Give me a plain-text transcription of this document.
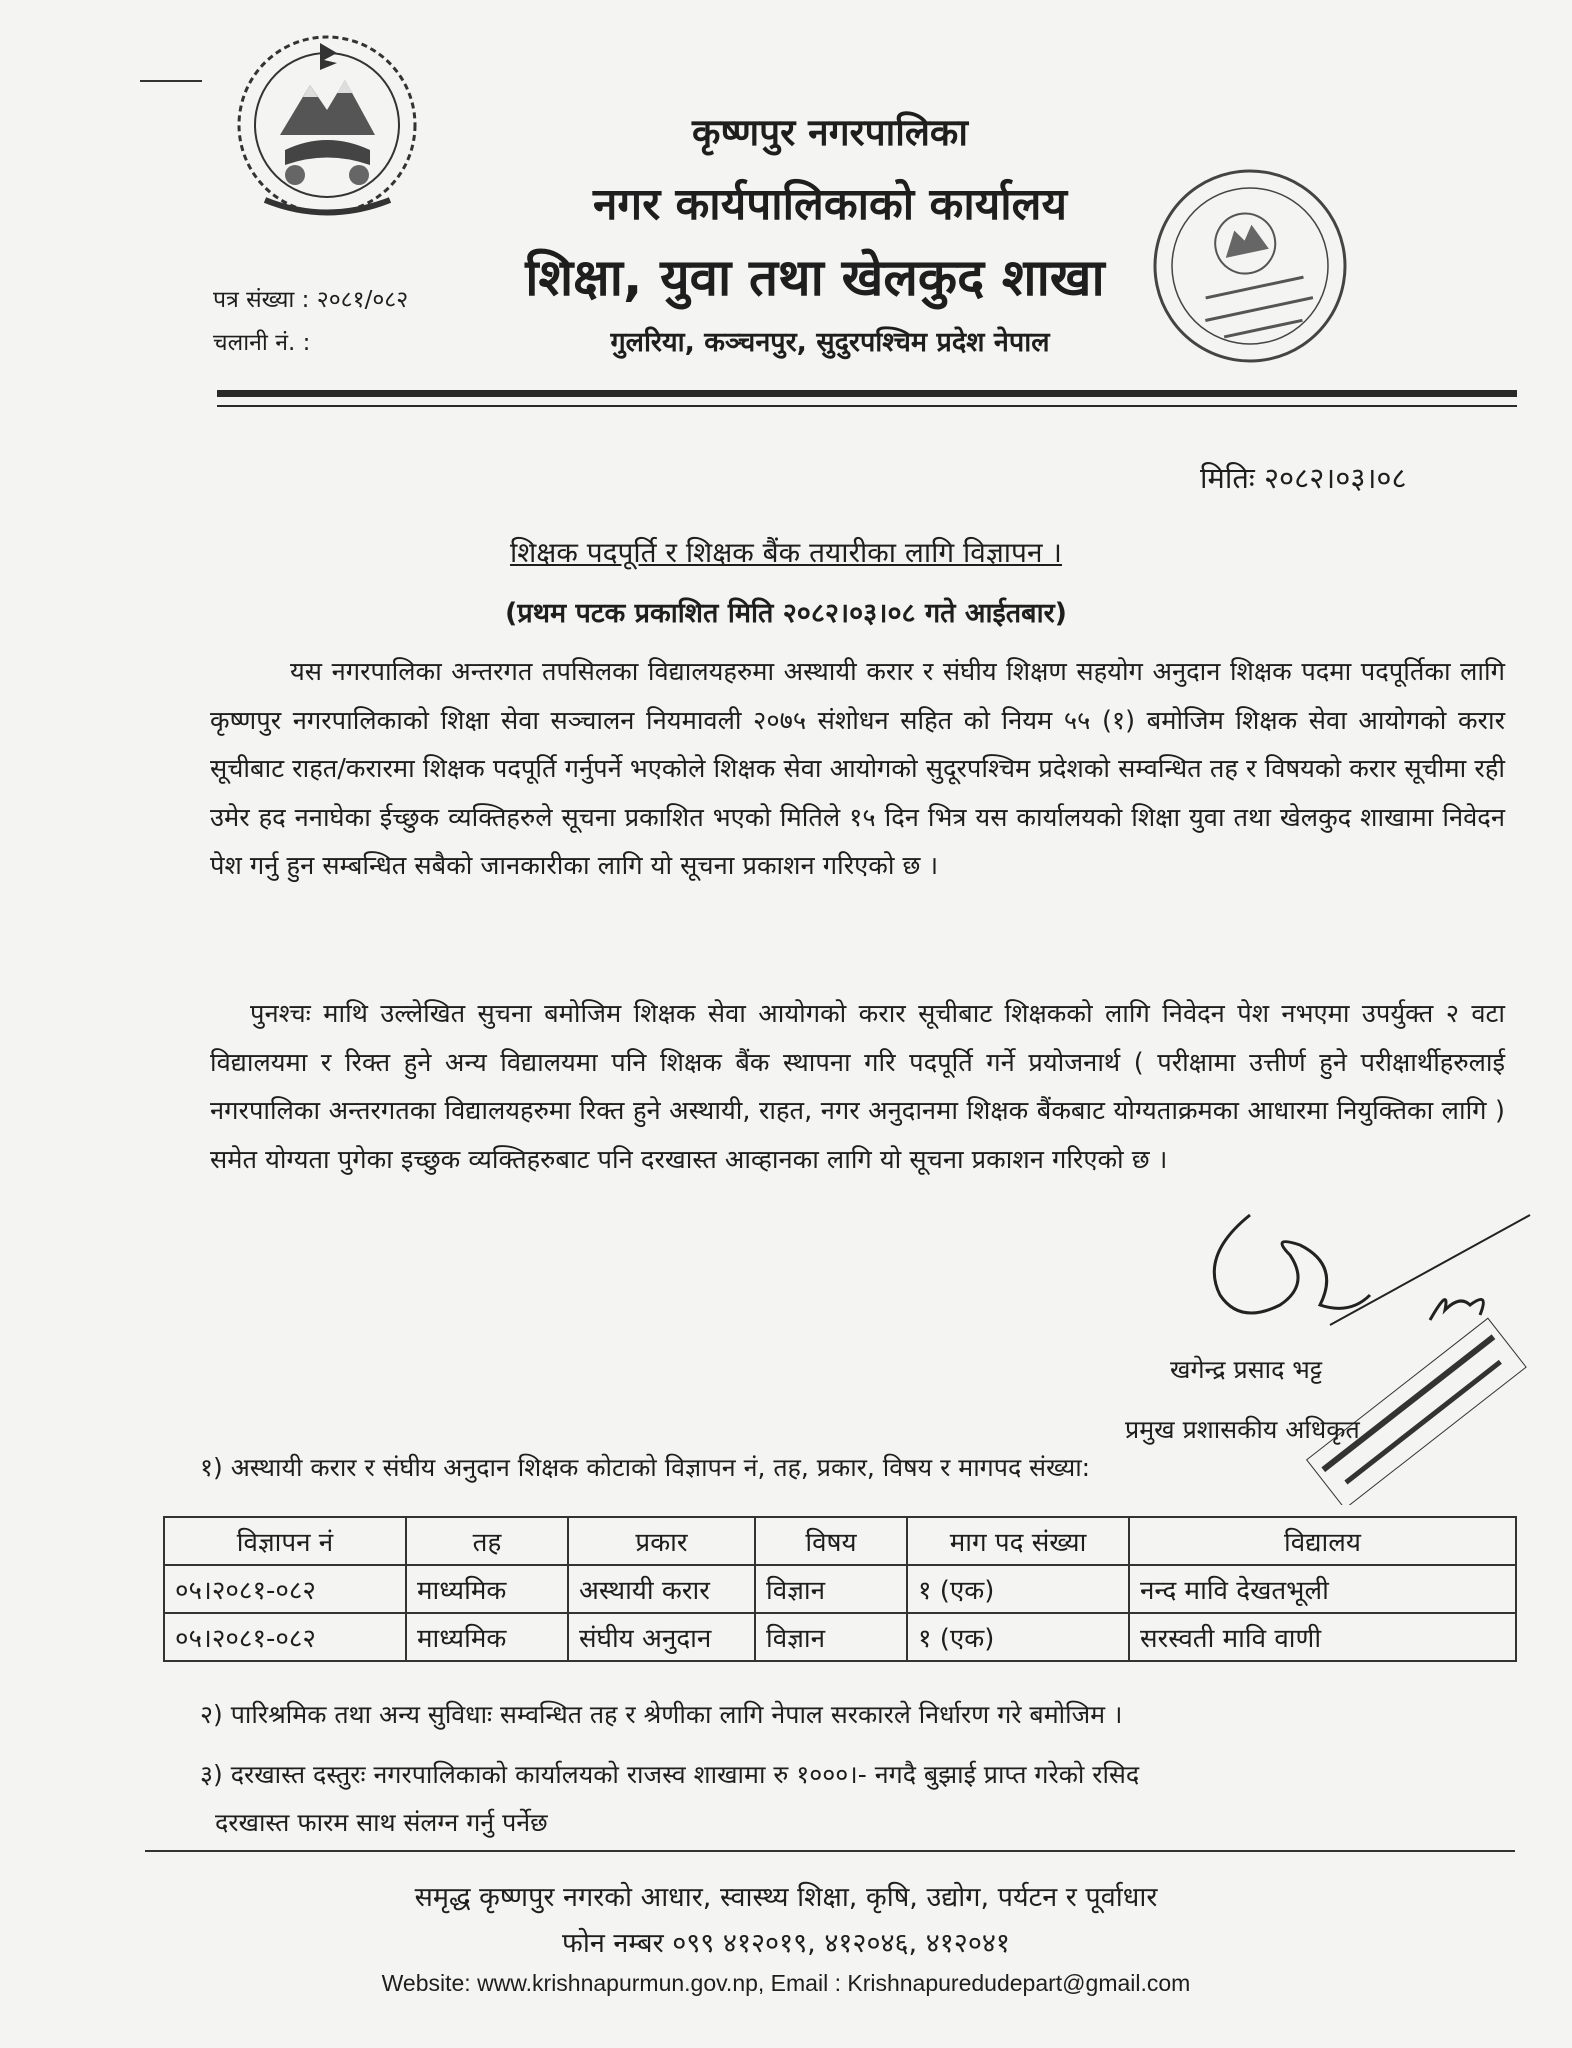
कृष्णपुर नगरपालिका
नगर कार्यपालिकाको कार्यालय
शिक्षा, युवा तथा खेलकुद शाखा
गुलरिया, कञ्चनपुर, सुदुरपश्चिम प्रदेश नेपाल
पत्र संख्या : २०८१/०८२
चलानी नं. :
मितिः २०८२।०३।०८
शिक्षक पदपूर्ति र शिक्षक बैंक तयारीका लागि विज्ञापन ।
(प्रथम पटक प्रकाशित मिति २०८२।०३।०८ गते आईतबार)
यस नगरपालिका अन्तरगत तपसिलका विद्यालयहरुमा अस्थायी करार र संघीय शिक्षण सहयोग अनुदान शिक्षक पदमा पदपूर्तिका लागि कृष्णपुर नगरपालिकाको शिक्षा सेवा सञ्चालन नियमावली २०७५ संशोधन सहित को नियम ५५ (१) बमोजिम शिक्षक सेवा आयोगको करार सूचीबाट राहत/करारमा शिक्षक पदपूर्ति गर्नुपर्ने भएकोले शिक्षक सेवा आयोगको सुदूरपश्चिम प्रदेशको सम्वन्धित तह र विषयको करार सूचीमा रही उमेर हद ननाघेका ईच्छुक व्यक्तिहरुले सूचना प्रकाशित भएको मितिले १५ दिन भित्र यस कार्यालयको शिक्षा युवा तथा खेलकुद शाखामा निवेदन पेश गर्नु हुन सम्बन्धित सबैको जानकारीका लागि यो सूचना प्रकाशन गरिएको छ ।
पुनश्चः माथि उल्लेखित सुचना बमोजिम शिक्षक सेवा आयोगको करार सूचीबाट शिक्षकको लागि निवेदन पेश नभएमा उपर्युक्त २ वटा विद्यालयमा र रिक्त हुने अन्य विद्यालयमा पनि शिक्षक बैंक स्थापना गरि पदपूर्ति गर्ने प्रयोजनार्थ ( परीक्षामा उत्तीर्ण हुने परीक्षार्थीहरुलाई नगरपालिका अन्तरगतका विद्यालयहरुमा रिक्त हुने अस्थायी, राहत, नगर अनुदानमा शिक्षक बैंकबाट योग्यताक्रमका आधारमा नियुक्तिका लागि ) समेत योग्यता पुगेका इच्छुक व्यक्तिहरुबाट पनि दरखास्त आव्हानका लागि यो सूचना प्रकाशन गरिएको छ ।
खगेन्द्र प्रसाद भट्ट
प्रमुख प्रशासकीय अधिकृत
१) अस्थायी करार र संघीय अनुदान शिक्षक कोटाको विज्ञापन नं, तह, प्रकार, विषय र मागपद संख्या:
विज्ञापन नं	तह	प्रकार	विषय	माग पद संख्या	विद्यालय
०५।२०८१-०८२	माध्यमिक	अस्थायी करार	विज्ञान	१ (एक)	नन्द मावि देखतभूली
०५।२०८१-०८२	माध्यमिक	संघीय अनुदान	विज्ञान	१ (एक)	सरस्वती मावि वाणी
२) पारिश्रमिक तथा अन्य सुविधाः सम्वन्धित तह र श्रेणीका लागि नेपाल सरकारले निर्धारण गरे बमोजिम ।
३) दरखास्त दस्तुरः नगरपालिकाको कार्यालयको राजस्व शाखामा रु १०००।- नगदै बुझाई प्राप्त गरेको रसिद
दरखास्त फारम साथ संलग्न गर्नु पर्नेछ
समृद्ध कृष्णपुर नगरको आधार, स्वास्थ्य शिक्षा, कृषि, उद्योग, पर्यटन र पूर्वाधार
फोन नम्बर ०९९ ४१२०१९, ४१२०४६, ४१२०४१
Website: www.krishnapurmun.gov.np, Email : Krishnapuredudepart@gmail.com
